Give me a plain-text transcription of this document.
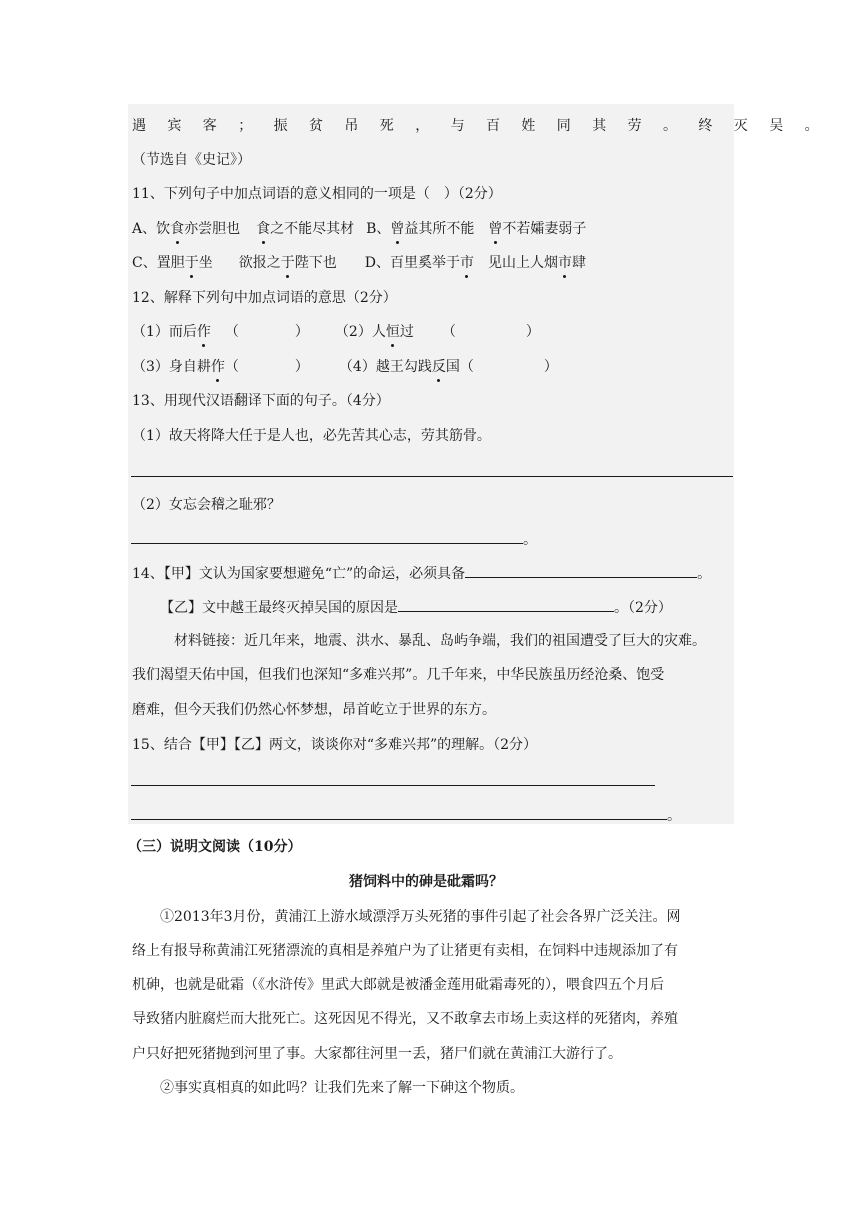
遇宾客；振贫吊死，与百姓同其劳。终灭吴。
（节选自《史记》）
11、下列句子中加点词语的意义相同的一项是（　）（2分）
A、饮食亦尝胆也 食之不能尽其材 B、曾益其所不能 曾不若孀妻弱子
C、置胆于坐 欲报之于陛下也 D、百里奚举于市 见山上人烟市肆
12、解释下列句中加点词语的意思（2分）
（1）而后作 （　　　　） （2）人恒过 （　　　　　）
（3）身自耕作（　　　　） （4）越王勾践反国（　　　　　）
13、用现代汉语翻译下面的句子。（4分）
（1）故天将降大任于是人也，必先苦其心志，劳其筋骨。
（2）女忘会稽之耻邪？
。
14、【甲】文认为国家要想避免“亡”的命运，必须具备	。
【乙】文中越王最终灭掉吴国的原因是	。（2分）
材料链接：近几年来，地震、洪水、暴乱、岛屿争端，我们的祖国遭受了巨大的灾难。
我们渴望天佑中国，但我们也深知“多难兴邦”。几千年来，中华民族虽历经沧桑、饱受
磨难，但今天我们仍然心怀梦想，昂首屹立于世界的东方。
15、结合【甲】【乙】两文，谈谈你对“多难兴邦”的理解。（2分）
。
（三）说明文阅读（10分）
猪饲料中的砷是砒霜吗？
①2013年3月份，黄浦江上游水域漂浮万头死猪的事件引起了社会各界广泛关注。网
络上有报导称黄浦江死猪漂流的真相是养殖户为了让猪更有卖相，在饲料中违规添加了有
机砷，也就是砒霜（《水浒传》里武大郎就是被潘金莲用砒霜毒死的），喂食四五个月后
导致猪内脏腐烂而大批死亡。这死因见不得光，又不敢拿去市场上卖这样的死猪肉，养殖
户只好把死猪抛到河里了事。大家都往河里一丢，猪尸们就在黄浦江大游行了。
②事实真相真的如此吗？让我们先来了解一下砷这个物质。
